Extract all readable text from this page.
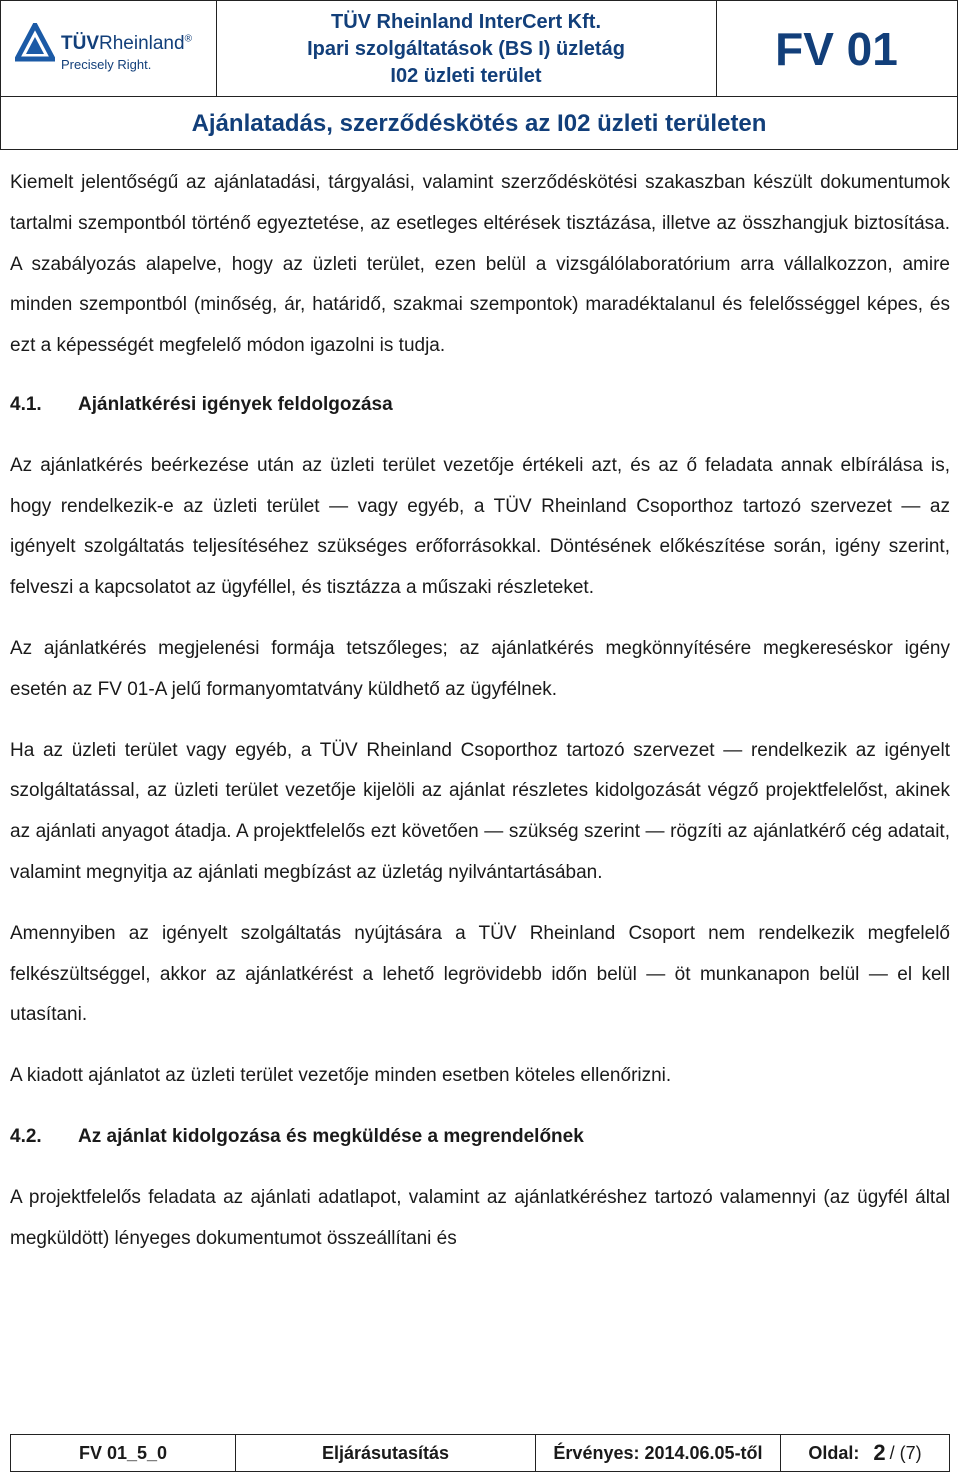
TÜVRheinland®
Precisely Right.
TÜV Rheinland InterCert Kft.
Ipari szolgáltatások (BS I) üzletág
I02 üzleti terület
FV 01
Ajánlatadás, szerződéskötés az I02 üzleti területen

Kiemelt jelentőségű az ajánlatadási, tárgyalási, valamint szerződéskötési szakaszban készült dokumentumok tartalmi szempontból történő egyeztetése, az esetleges eltérések tisztázása, illetve az összhangjuk biztosítása. A szabályozás alapelve, hogy az üzleti terület, ezen belül a vizsgálólaboratórium arra vállalkozzon, amire minden szempontból (minőség, ár, határidő, szakmai szempontok) maradéktalanul és felelősséggel képes, és ezt a képességét megfelelő módon igazolni is tudja.

4.1. Ajánlatkérési igények feldolgozása

Az ajánlatkérés beérkezése után az üzleti terület vezetője értékeli azt, és az ő feladata annak elbírálása is, hogy rendelkezik-e az üzleti terület — vagy egyéb, a TÜV Rheinland Csoporthoz tartozó szervezet — az igényelt szolgáltatás teljesítéséhez szükséges erőforrásokkal. Döntésének előkészítése során, igény szerint, felveszi a kapcsolatot az ügyféllel, és tisztázza a műszaki részleteket.

Az ajánlatkérés megjelenési formája tetszőleges; az ajánlatkérés megkönnyítésére megkereséskor igény esetén az FV 01-A jelű formanyomtatvány küldhető az ügyfélnek.

Ha az üzleti terület vagy egyéb, a TÜV Rheinland Csoporthoz tartozó szervezet — rendelkezik az igényelt szolgáltatással, az üzleti terület vezetője kijelöli az ajánlat részletes kidolgozását végző projektfelelőst, akinek az ajánlati anyagot átadja. A projektfelelős ezt követően — szükség szerint — rögzíti az ajánlatkérő cég adatait, valamint megnyitja az ajánlati megbízást az üzletág nyilvántartásában.

Amennyiben az igényelt szolgáltatás nyújtására a TÜV Rheinland Csoport nem rendelkezik megfelelő felkészültséggel, akkor az ajánlatkérést a lehető legrövidebb időn belül — öt munkanapon belül — el kell utasítani.

A kiadott ajánlatot az üzleti terület vezetője minden esetben köteles ellenőrizni.

4.2. Az ajánlat kidolgozása és megküldése a megrendelőnek

A projektfelelős feladata az ajánlati adatlapot, valamint az ajánlatkéréshez tartozó valamennyi (az ügyfél által megküldött) lényeges dokumentumot összeállítani és

FV 01_5_0	Eljárásutasítás	Érvényes: 2014.06.05-től	Oldal: 2 / (7)
